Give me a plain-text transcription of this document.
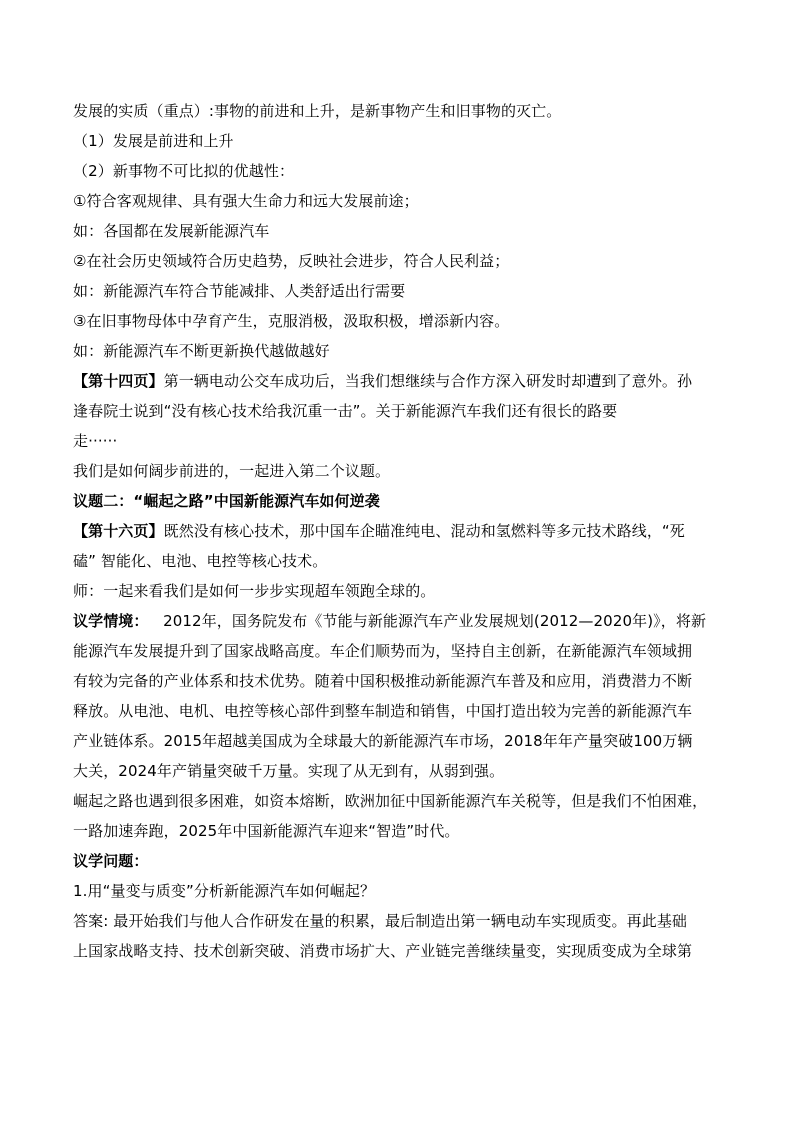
发展的实质（重点）:事物的前进和上升，是新事物产生和旧事物的灭亡。
（1）发展是前进和上升
（2）新事物不可比拟的优越性：
①符合客观规律、具有强大生命力和远大发展前途；
如：各国都在发展新能源汽车
②在社会历史领域符合历史趋势，反映社会进步，符合人民利益；
如：新能源汽车符合节能减排、人类舒适出行需要
③在旧事物母体中孕育产生，克服消极，汲取积极，增添新内容。
如：新能源汽车不断更新换代越做越好
【第十四页】第一辆电动公交车成功后，当我们想继续与合作方深入研发时却遭到了意外。孙
逢春院士说到“没有核心技术给我沉重一击”。关于新能源汽车我们还有很长的路要
走······
我们是如何阔步前进的，一起进入第二个议题。
议题二：“崛起之路”中国新能源汽车如何逆袭
【第十六页】既然没有核心技术，那中国车企瞄准纯电、混动和氢燃料等多元技术路线，“死
磕” 智能化、电池、电控等核心技术。
师：一起来看我们是如何一步步实现超车领跑全球的。
议学情境： 2012年，国务院发布《节能与新能源汽车产业发展规划(2012—2020年)》，将新
能源汽车发展提升到了国家战略高度。车企们顺势而为，坚持自主创新，在新能源汽车领域拥
有较为完备的产业体系和技术优势。随着中国积极推动新能源汽车普及和应用，消费潜力不断
释放。从电池、电机、电控等核心部件到整车制造和销售，中国打造出较为完善的新能源汽车
产业链体系。2015年超越美国成为全球最大的新能源汽车市场，2018年年产量突破100万辆
大关，2024年产销量突破千万量。实现了从无到有，从弱到强。
崛起之路也遇到很多困难，如资本熔断，欧洲加征中国新能源汽车关税等，但是我们不怕困难，
一路加速奔跑，2025年中国新能源汽车迎来“智造”时代。
议学问题：
1.用“量变与质变”分析新能源汽车如何崛起？
答案: 最开始我们与他人合作研发在量的积累，最后制造出第一辆电动车实现质变。再此基础
上国家战略支持、技术创新突破、消费市场扩大、产业链完善继续量变，实现质变成为全球第
